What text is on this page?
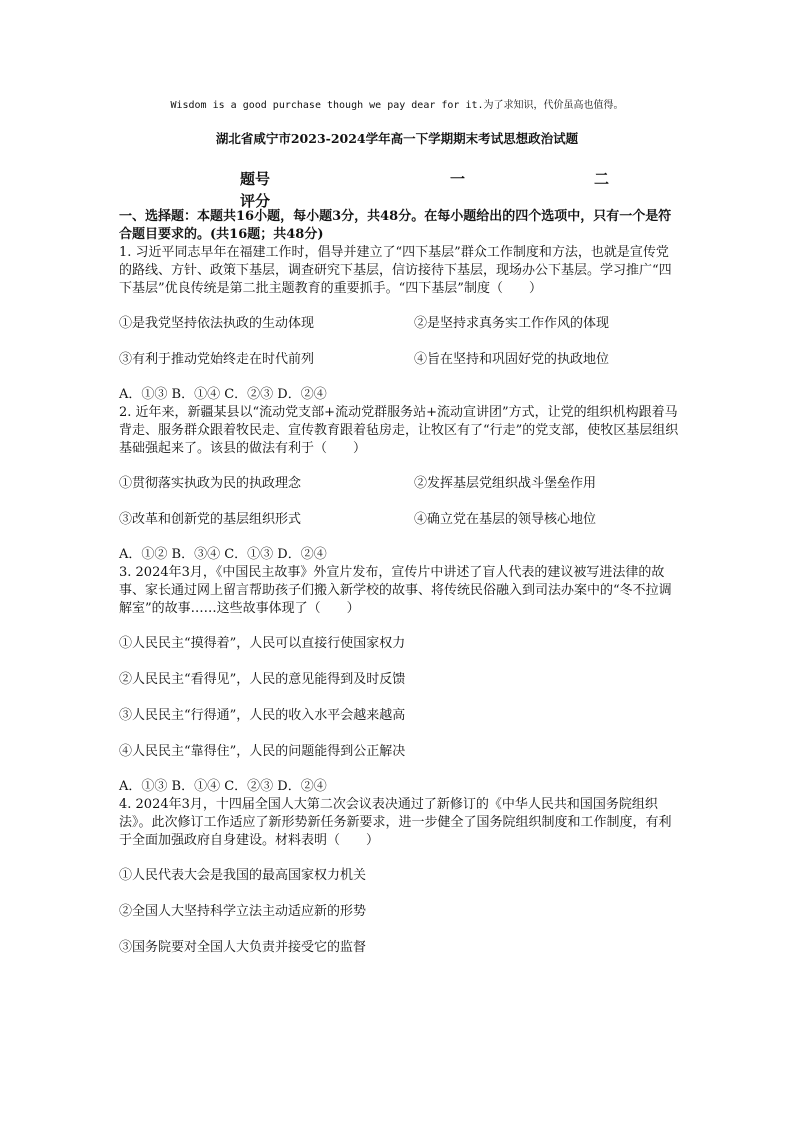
Wisdom is a good purchase though we pay dear for it.为了求知识，代价虽高也值得。
湖北省咸宁市2023-2024学年高一下学期期末考试思想政治试题
题号	一	二
评分

一、选择题：本题共16小题，每小题3分，共48分。在每小题给出的四个选项中，只有一个是符合题目要求的。(共16题；共48分)

1. 习近平同志早年在福建工作时，倡导并建立了“四下基层”群众工作制度和方法，也就是宣传党的路线、方针、政策下基层，调查研究下基层，信访接待下基层，现场办公下基层。学习推广“四下基层”优良传统是第二批主题教育的重要抓手。“四下基层”制度（　　）

①是我党坚持依法执政的生动体现	②是坚持求真务实工作作风的体现
③有利于推动党始终走在时代前列	④旨在坚持和巩固好党的执政地位

A．①③ B．①④ C．②③ D．②④

2. 近年来，新疆某县以“流动党支部+流动党群服务站+流动宣讲团”方式，让党的组织机构跟着马背走、服务群众跟着牧民走、宣传教育跟着毡房走，让牧区有了“行走”的党支部，使牧区基层组织基础强起来了。该县的做法有利于（　　）

①贯彻落实执政为民的执政理念	②发挥基层党组织战斗堡垒作用
③改革和创新党的基层组织形式	④确立党在基层的领导核心地位

A．①② B．③④ C．①③ D．②④

3. 2024年3月，《中国民主故事》外宣片发布，宣传片中讲述了盲人代表的建议被写进法律的故事、家长通过网上留言帮助孩子们搬入新学校的故事、将传统民俗融入到司法办案中的“冬不拉调解室”的故事……这些故事体现了（　　）

①人民民主“摸得着”，人民可以直接行使国家权力
②人民民主“看得见”，人民的意见能得到及时反馈
③人民民主“行得通”，人民的收入水平会越来越高
④人民民主“靠得住”，人民的问题能得到公正解决

A．①③ B．①④ C．②③ D．②④

4. 2024年3月，十四届全国人大第二次会议表决通过了新修订的《中华人民共和国国务院组织法》。此次修订工作适应了新形势新任务新要求，进一步健全了国务院组织制度和工作制度，有利于全面加强政府自身建设。材料表明（　　）

①人民代表大会是我国的最高国家权力机关
②全国人大坚持科学立法主动适应新的形势
③国务院要对全国人大负责并接受它的监督
